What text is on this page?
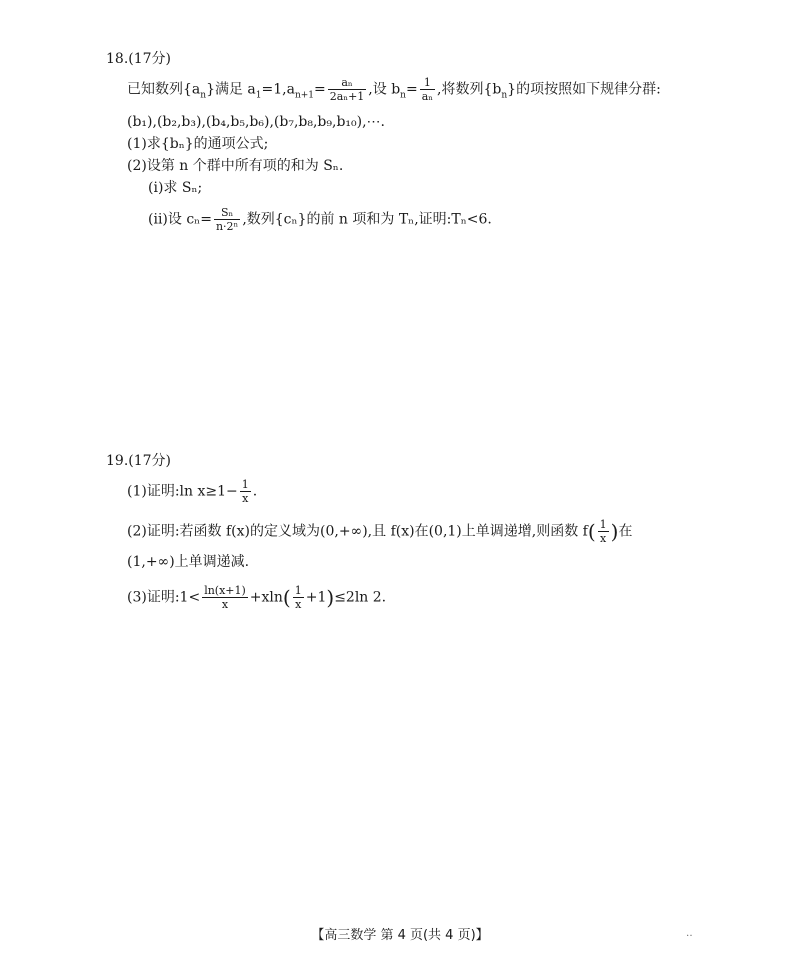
18.(17分)
已知数列$\{a_n\}$满足 $a_1=1,a_{n+1}= \frac{\text{aₙ}}{\text{2aₙ+1}}$ ,设 $b_n= \frac{1}{\text{aₙ}}$ ,将数列$\{b_n\}$的项按照如下规律分群:
(b₁),(b₂,b₃),(b₄,b₅,b₆),(b₇,b₈,b₉,b₁₀),⋯.
(1)求{bₙ}的通项公式;
(2)设第 n 个群中所有项的和为 Sₙ.
(ⅰ)求 Sₙ;
(ⅱ)设 $c_n= \frac{\text{Sₙ}}{\text{n·2ⁿ}}$ ,数列{cₙ}的前 n 项和为 Tₙ,证明:Tₙ<6.
19.(17分)
(1)证明:ln $x\ge 1- \frac{1}{x}$ .
(2)证明:若函数 f(x)的定义域为(0,+∞),且 f(x)在(0,1)上单调递增,则函数 $f( \frac{1}{x}$ )在
(1,+∞)上单调递减.
(3)证明:1< $\frac{\ln(x+1)}{x} +xln( \frac{1}{x} +1)\le 2\ln$ 2.
【高三数学 第 4 页(共 4 页)】	‥
